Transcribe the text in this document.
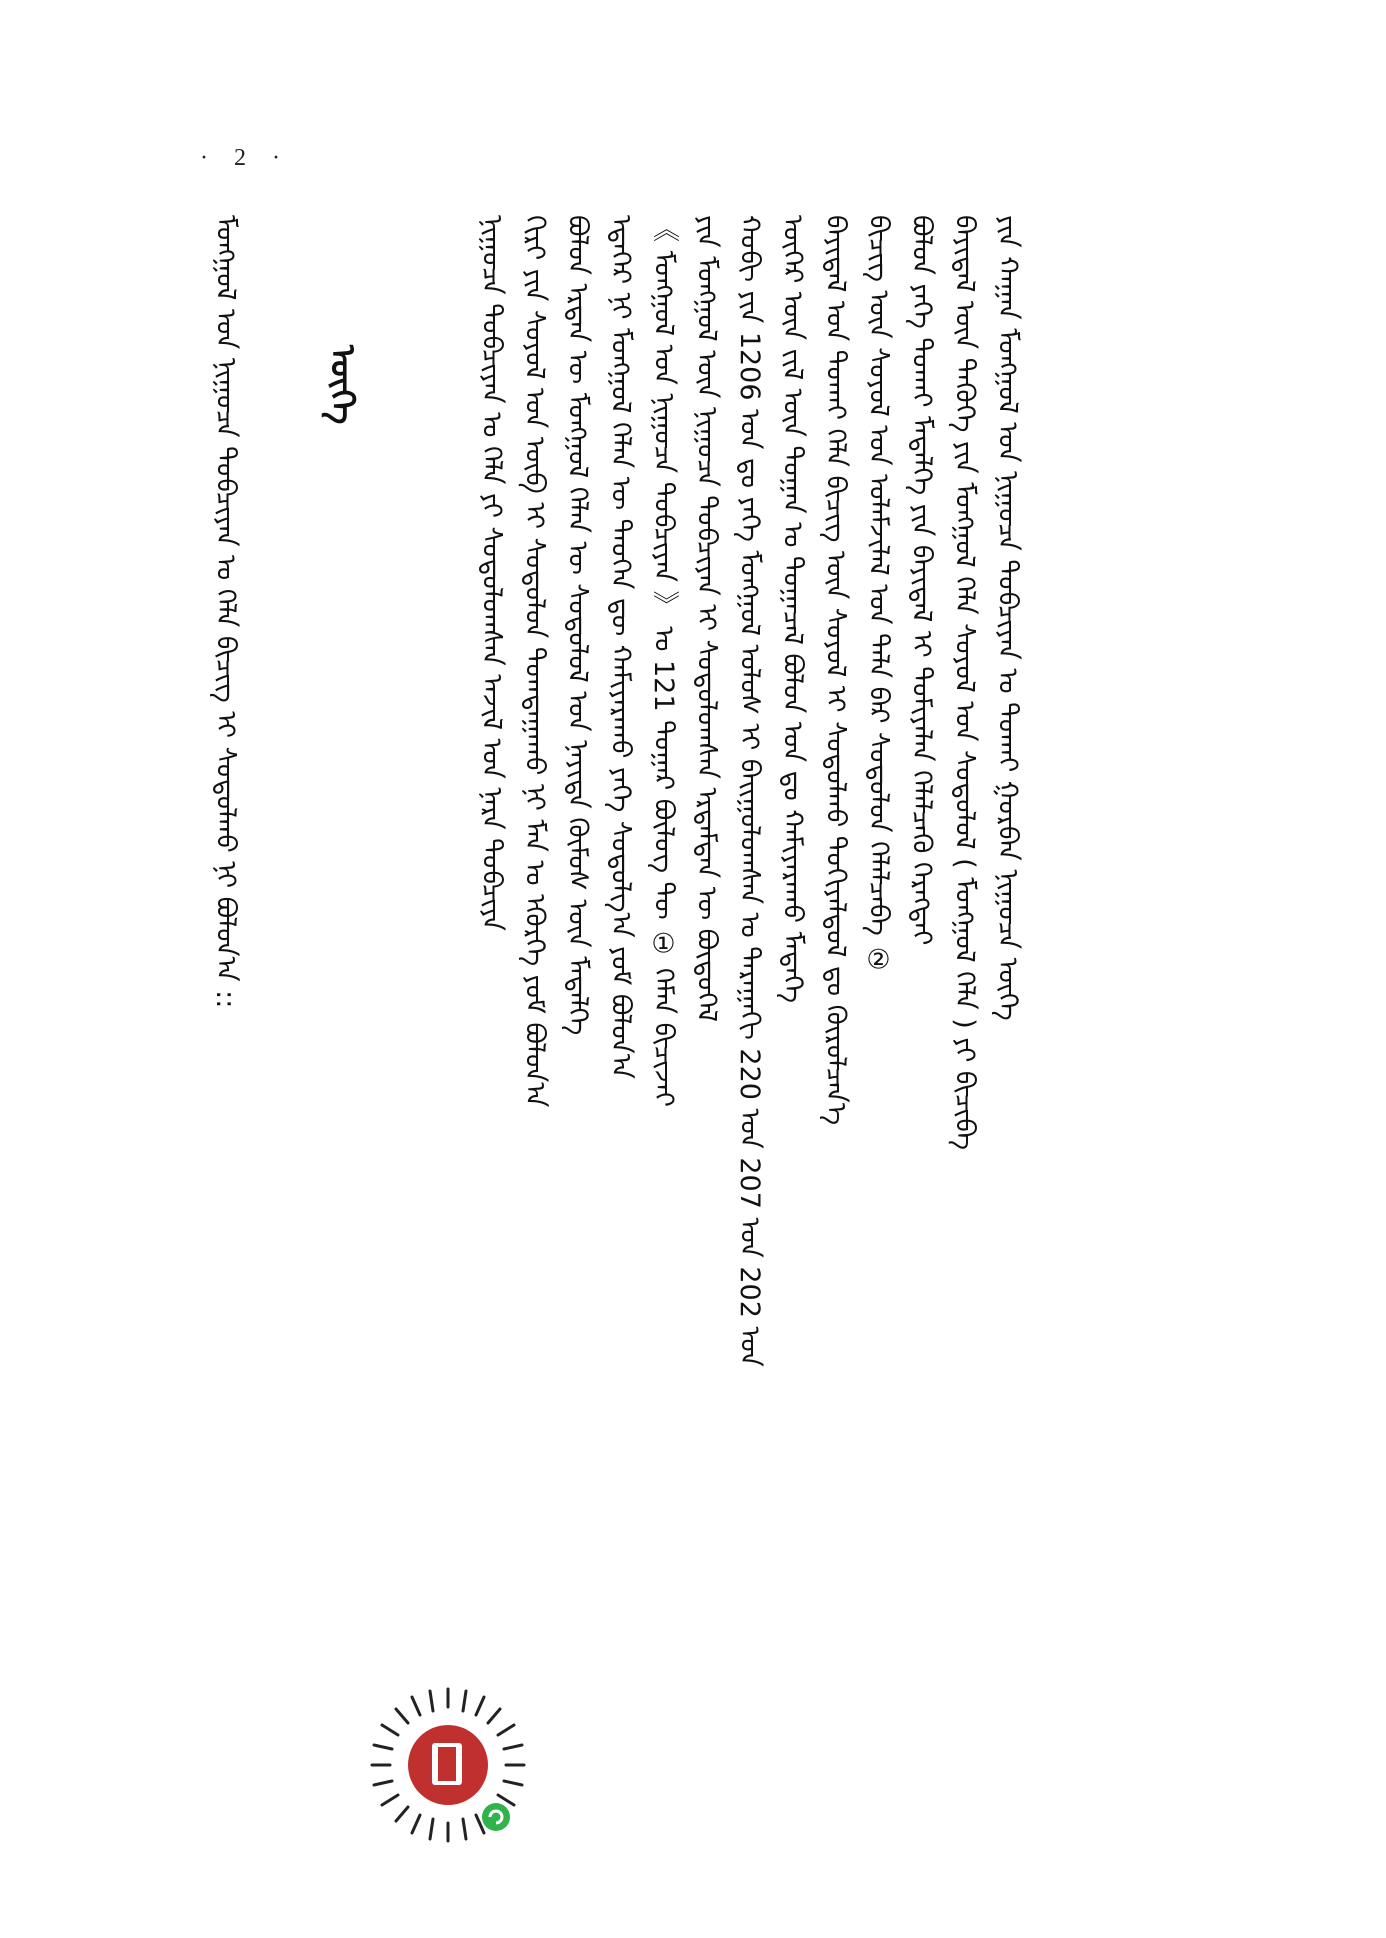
· 2 ·
ᠮᠣᠩᠭᠣᠯ ᠤᠨ ᠨᠢᠭᠤᠴᠠ ᠲᠣᠪᠴᠢᠶᠠᠨ ᠤ ᠬᠡᠯᠡ ᠪᠢᠴᠢᠭ᠌ ᠢ ᠰᠤᠳᠤᠯᠬᠤ ᠨᠢ ᠪᠣᠯᠤᠨ᠎ᠠ :: ᠦᠭᠡ	ᠨᠢᠭᠤᠴᠠ ᠲᠣᠪᠴᠢᠶᠠᠨ ᠤ ᠬᠡᠯᠡ ᠶᠢ ᠰᠤᠳᠤᠯᠤᠭᠰᠠᠨ ᠠᠵᠢᠯ ᠤᠨ ᠨᠡᠷᠡ ᠲᠣᠪᠴᠢᠶᠠ ᠬᠢᠷᠢ ᠶᠢᠨ ᠰᠣᠶᠤᠯ ᠤᠨ ᠦᠪ ᠢ ᠰᠤᠳᠤᠯᠤᠨ ᠲᠣᠭᠲᠠᠭᠠᠬᠤ ᠨᠢ ᠮᠠᠨ ᠤ ᠡᠭᠦᠷᠭᠡ ᠶᠤᠮ ᠪᠣᠯᠤᠨ᠎ᠠ ᠪᠣᠯᠣᠨ ᠡᠷᠲᠡᠨ ᠦ ᠮᠣᠩᠭᠣᠯ ᠬᠡᠯᠡᠨ ᠦ ᠰᠤᠳᠤᠯᠤᠯ ᠤᠨ ᠨᠡᠶᠢᠲᠡ ᠬᠦᠮᠦᠰ ᠦᠨ ᠮᠡᠳᠡᠯᠭᠡ ᠡᠳᠡᠭᠡᠷ ᠨᠢ ᠮᠣᠩᠭᠣᠯ ᠬᠡᠯᠡᠨ ᠦ ᠲᠡᠦᠬᠡᠨ ᠳᠦ ᠬᠠᠮᠢᠶᠠᠷᠠᠬᠤ ᠶᠡᠬᠡ ᠰᠤᠳᠤᠯᠭ᠎ᠠ ᠶᠤᠮ ᠪᠣᠯᠤᠨ᠎ᠠ 《 ᠮᠣᠩᠭᠣᠯ ᠤᠨ ᠨᠢᠭᠤᠴᠠ ᠲᠣᠪᠴᠢᠶᠠᠨ 》 ᠤ 121 ᠳᠤᠭᠠᠷ ᠪᠦᠯᠦᠭ ᠲᠦ ① ᠬᠡᠮᠡᠨ ᠪᠢᠴᠢᠵᠡᠢ ᠶᠢᠨ ᠮᠣᠩᠭᠣᠯ ᠦᠨ ᠨᠢᠭᠤᠴᠠ ᠲᠣᠪᠴᠢᠶᠠᠨ ᠢ ᠰᠤᠳᠤᠯᠤᠭᠰᠠᠨ ᠡᠷᠳᠡᠮᠲᠡᠨ ᠦ ᠪᠦᠲᠦᠭᠡᠯ ᠬᠤᠪᠢ ᠶᠢᠨ 1206 ᠣᠨ ᠳᠤ ᠶᠡᠬᠡ ᠮᠣᠩᠭᠣᠯ ᠤᠯᠤᠰ ᠢ ᠪᠠᠢᠭᠤᠯᠤᠭᠰᠠᠨ ᠤ ᠳᠠᠷᠠᠭᠠᠬᠢ 220 ᠣᠨ 207 ᠣᠨ 202 ᠣᠨ ᠦᠬᠡᠷ ᠦᠨ ᠵᠢᠯ ᠦᠨ ᠲᠣᠭᠠᠨ ᠤ ᠲᠣᠭᠠᠴᠠᠯ ᠪᠣᠯᠣᠨ ᠣᠨ ᠳᠤ ᠬᠠᠮᠢᠶᠠᠷᠠᠬᠤ ᠮᠡᠳᠡᠭᠡ ᠪᠠᠶᠢᠳᠠᠯ ᠤᠨ ᠲᠤᠬᠠᠢ ᠬᠡᠯᠡ ᠪᠢᠴᠢᠭ᠌ ᠦᠨ ᠰᠣᠶᠤᠯ ᠢ ᠰᠤᠳᠤᠯᠬᠤ ᠲᠣᠬᠢᠶᠠᠯᠳᠤᠯ ᠳᠤ ᠬᠦᠷᠦᠯᠴᠡᠨ᠎ᠡ ᠪᠢᠴᠢᠭ᠌ ᠦᠨ ᠰᠣᠶᠤᠯ ᠤᠨ ᠤᠯᠠᠮᠵᠢᠯᠠᠯ ᠤᠨ ᠲᠠᠯᠠ ᠪᠠᠷ ᠰᠤᠳᠤᠯᠤᠨ ᠬᠡᠯᠡᠯᠴᠡᠪᠡ ② ᠪᠣᠯᠣᠨ ᠶᠡᠬᠡ ᠲᠤᠬᠠᠢ ᠮᠡᠳᠡᠯᠭᠡ ᠶᠢᠨ ᠪᠠᠶᠢᠳᠠᠯ ᠢ ᠲᠣᠮᠢᠶᠠᠯᠠᠨ ᠬᠡᠯᠡᠯᠴᠡᠬᠦ ᠬᠡᠷᠡᠭᠲᠡᠢ ᠪᠠᠶᠢᠳᠠᠯ ᠦᠨ ᠲᠡᠭᠦᠬᠡ ᠶᠢᠨ ᠮᠣᠩᠭᠣᠯ ᠬᠡᠯᠡ ᠰᠣᠶᠤᠯ ᠤᠨ ᠰᠤᠳᠤᠯᠤᠯ ( ᠮᠣᠩᠭᠣᠯ ᠬᠡᠯᠡ ) ᠶᠢ ᠪᠢᠴᠢᠪᠡ ᠶᠢᠨ ᠬᠠᠭᠠᠨ ᠮᠣᠩᠭᠣᠯ ᠤᠨ ᠨᠢᠭᠤᠴᠠ ᠲᠣᠪᠴᠢᠶᠠᠨ ᠤ ᠲᠤᠬᠠᠢ ᠭᠤᠷᠪᠠᠨ ᠨᠢᠭᠤᠴᠠ ᠦᠭᠡ
